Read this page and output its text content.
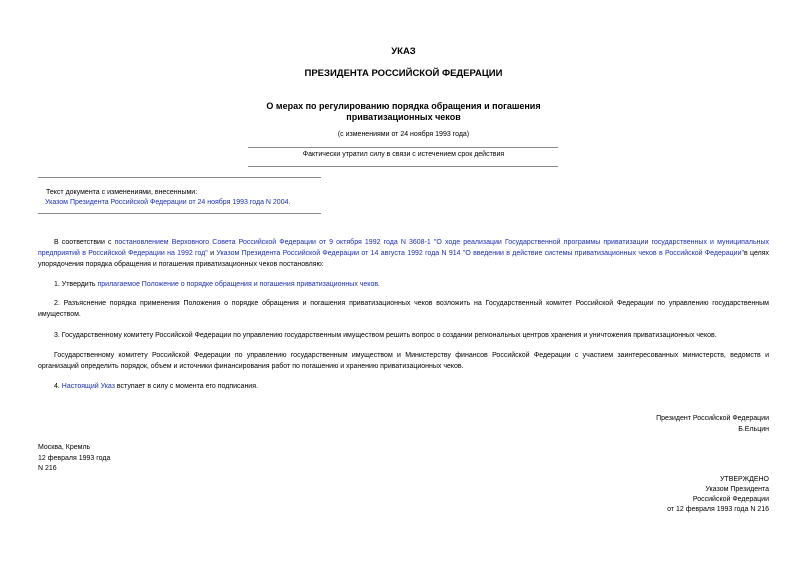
УКАЗ
ПРЕЗИДЕНТА РОССИЙСКОЙ ФЕДЕРАЦИИ
О мерах по регулированию порядка обращения и погашения
приватизационных чеков
(с изменениями от 24 ноября 1993 года)
Фактически утратил силу в связи с истечением срок действия
Текст документа с изменениями, внесенными:
Указом Президента Российской Федерации от 24 ноября 1993 года N 2004.
В соответствии с постановлением Верховного Совета Российской Федерации от 9 октября 1992 года N 3608-1 "О ходе реализации Государственной программы приватизации государственных и муниципальных предприятий в Российской Федерации на 1992 год" и Указом Президента Российской Федерации от 14 августа 1992 года N 914 "О введении в действие системы приватизационных чеков в Российской Федерации"в целях упорядочения порядка обращения и погашения приватизационных чеков постановляю:
1. Утвердить прилагаемое Положение о порядке обращения и погашения приватизационных чеков.
2. Разъяснение порядка применения Положения о порядке обращения и погашения приватизационных чеков возложить на Государственный комитет Российской Федерации по управлению государственным имуществом.
3. Государственному комитету Российской Федерации по управлению государственным имуществом решить вопрос о создании региональных центров хранения и уничтожения приватизационных чеков.
Государственному комитету Российской Федерации по управлению государственным имуществом и Министерству финансов Российской Федерации с участием заинтересованных министерств, ведомств и организаций определить порядок, объем и источники финансирования работ по погашению и хранению приватизационных чеков.
4. Настоящий Указ вступает в силу с момента его подписания.
Президент Российской Федерации
Б.Ельцин
Москва, Кремль
12 февраля 1993 года
N 216
УТВЕРЖДЕНО
Указом Президента
Российской Федерации
от 12 февраля 1993 года N 216
